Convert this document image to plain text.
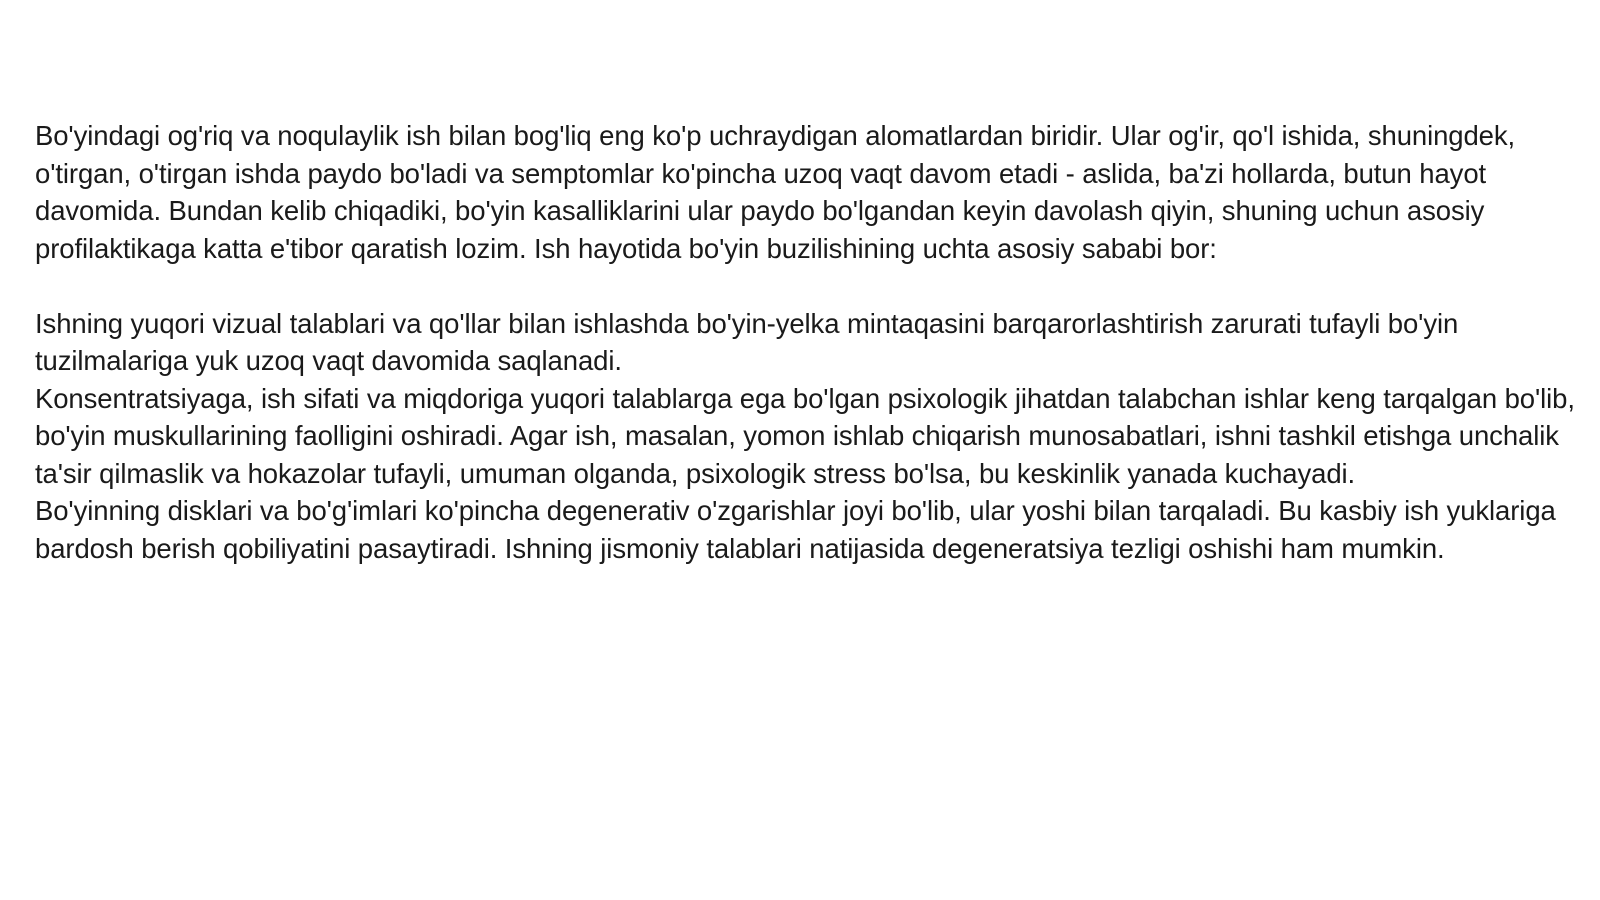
Bo'yindagi og'riq va noqulaylik ish bilan bog'liq eng ko'p uchraydigan alomatlardan biridir. Ular og'ir, qo'l ishida, shuningdek, o'tirgan, o'tirgan ishda paydo bo'ladi va semptomlar ko'pincha uzoq vaqt davom etadi - aslida, ba'zi hollarda, butun hayot davomida. Bundan kelib chiqadiki, bo'yin kasalliklarini ular paydo bo'lgandan keyin davolash qiyin, shuning uchun asosiy profilaktikaga katta e'tibor qaratish lozim. Ish hayotida bo'yin buzilishining uchta asosiy sababi bor:

Ishning yuqori vizual talablari va qo'llar bilan ishlashda bo'yin-yelka mintaqasini barqarorlashtirish zarurati tufayli bo'yin tuzilmalariga yuk uzoq vaqt davomida saqlanadi.

Konsentratsiyaga, ish sifati va miqdoriga yuqori talablarga ega bo'lgan psixologik jihatdan talabchan ishlar keng tarqalgan bo'lib, bo'yin muskullarining faolligini oshiradi. Agar ish, masalan, yomon ishlab chiqarish munosabatlari, ishni tashkil etishga unchalik ta'sir qilmaslik va hokazolar tufayli, umuman olganda, psixologik stress bo'lsa, bu keskinlik yanada kuchayadi.

Bo'yinning disklari va bo'g'imlari ko'pincha degenerativ o'zgarishlar joyi bo'lib, ular yoshi bilan tarqaladi. Bu kasbiy ish yuklariga bardosh berish qobiliyatini pasaytiradi. Ishning jismoniy talablari natijasida degeneratsiya tezligi oshishi ham mumkin.
